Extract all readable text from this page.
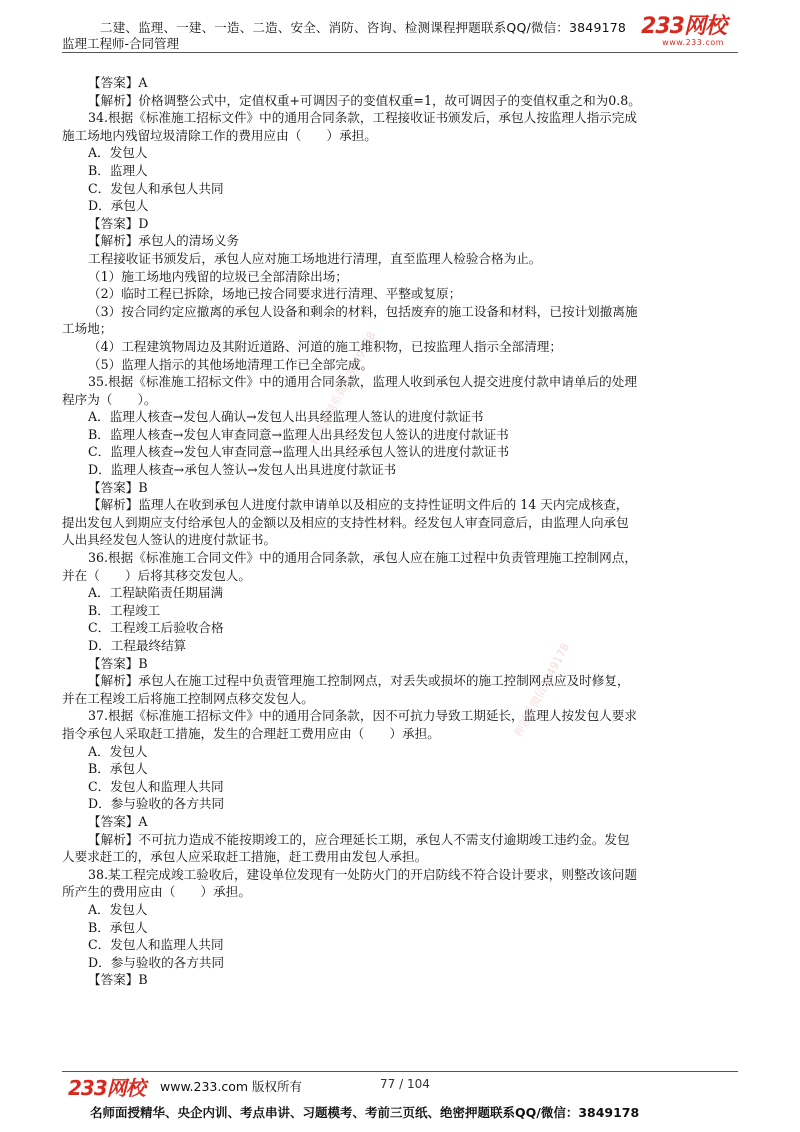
二建、监理、一建、一造、二造、安全、消防、咨询、检测课程押题联系QQ/微信：3849178
监理工程师-合同管理
233网校
www.233.com
精准押题系微信3849178
押题系微信3849178

【答案】A

【解析】价格调整公式中，定值权重+可调因子的变值权重=1，故可调因子的变值权重之和为0.8。

34.根据《标准施工招标文件》中的通用合同条款，工程接收证书颁发后，承包人按监理人指示完成

施工场地内残留垃圾清除工作的费用应由（　　）承担。

A．发包人

B．监理人

C．发包人和承包人共同

D．承包人

【答案】D

【解析】承包人的清场义务

工程接收证书颁发后，承包人应对施工场地进行清理，直至监理人检验合格为止。

（1）施工场地内残留的垃圾已全部清除出场；

（2）临时工程已拆除，场地已按合同要求进行清理、平整或复原；

（3）按合同约定应撤离的承包人设备和剩余的材料，包括废弃的施工设备和材料，已按计划撤离施

工场地；

（4）工程建筑物周边及其附近道路、河道的施工堆积物，已按监理人指示全部清理；

（5）监理人指示的其他场地清理工作已全部完成。

35.根据《标准施工招标文件》中的通用合同条款，监理人收到承包人提交进度付款申请单后的处理

程序为（　　）。

A．监理人核查→发包人确认→发包人出具经监理人签认的进度付款证书

B．监理人核查→发包人审查同意→监理人出具经发包人签认的进度付款证书

C．监理人核查→发包人审查同意→监理人出具经承包人签认的进度付款证书

D．监理人核查→承包人签认→发包人出具进度付款证书

【答案】B

【解析】监理人在收到承包人进度付款申请单以及相应的支持性证明文件后的 14 天内完成核查，

提出发包人到期应支付给承包人的金额以及相应的支持性材料。经发包人审查同意后，由监理人向承包

人出具经发包人签认的进度付款证书。

36.根据《标准施工合同文件》中的通用合同条款，承包人应在施工过程中负责管理施工控制网点，

并在（　　）后将其移交发包人。

A．工程缺陷责任期届满

B．工程竣工

C．工程竣工后验收合格

D．工程最终结算

【答案】B

【解析】承包人在施工过程中负责管理施工控制网点，对丢失或损坏的施工控制网点应及时修复，

并在工程竣工后将施工控制网点移交发包人。

37.根据《标准施工招标文件》中的通用合同条款，因不可抗力导致工期延长，监理人按发包人要求

指令承包人采取赶工措施，发生的合理赶工费用应由（　　）承担。

A．发包人

B．承包人

C．发包人和监理人共同

D．参与验收的各方共同

【答案】A

【解析】不可抗力造成不能按期竣工的，应合理延长工期，承包人不需支付逾期竣工违约金。发包

人要求赶工的，承包人应采取赶工措施，赶工费用由发包人承担。

38.某工程完成竣工验收后，建设单位发现有一处防火门的开启防线不符合设计要求，则整改该问题

所产生的费用应由（　　）承担。

A．发包人

B．承包人

C．发包人和监理人共同

D．参与验收的各方共同

【答案】B

233网校 www.233.com 版权所有	77 / 104
名师面授精华、央企内训、考点串讲、习题模考、考前三页纸、绝密押题联系QQ/微信：3849178
